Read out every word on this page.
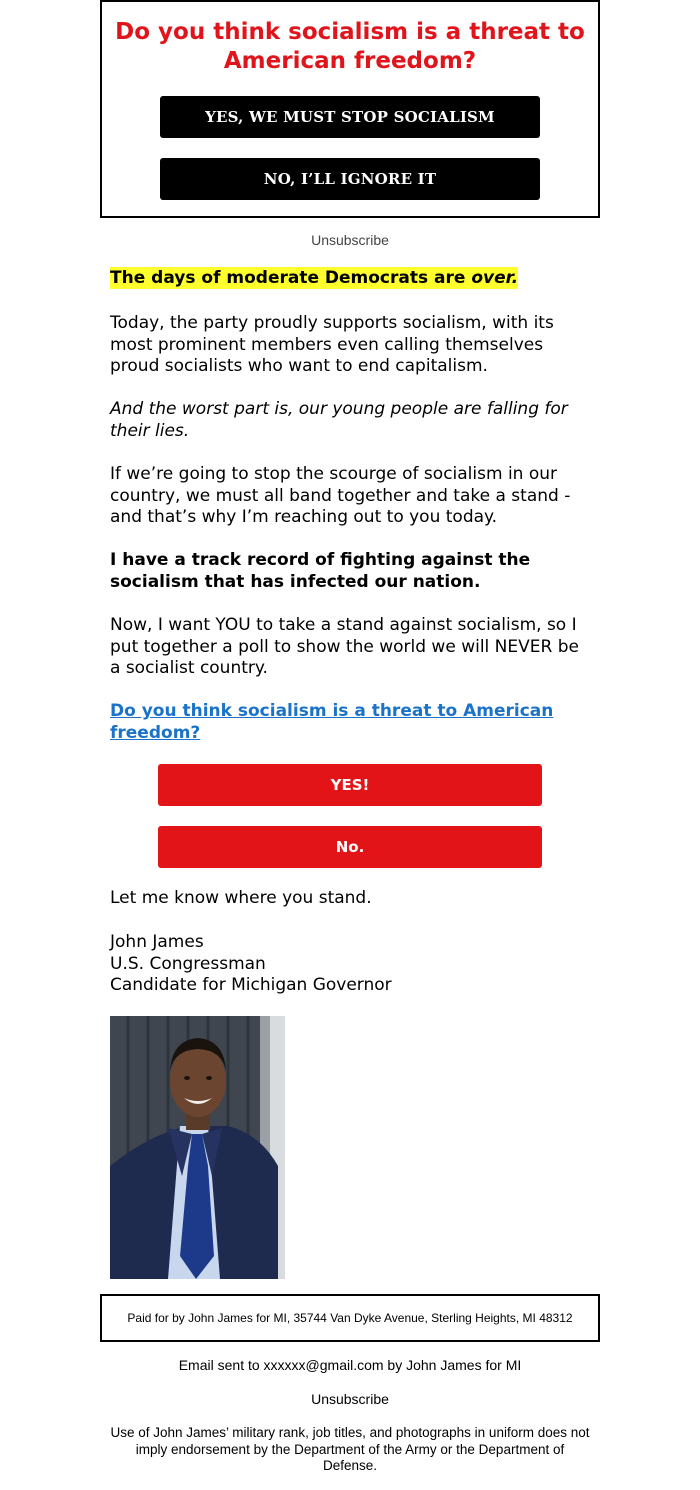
Do you think socialism is a threat to American freedom?
YES, WE MUST STOP SOCIALISM
NO, I’LL IGNORE IT
Unsubscribe
The days of moderate Democrats are over.
Today, the party proudly supports socialism, with its most prominent members even calling themselves proud socialists who want to end capitalism.
And the worst part is, our young people are falling for their lies.
If we’re going to stop the scourge of socialism in our country, we must all band together and take a stand - and that’s why I’m reaching out to you today.
I have a track record of fighting against the socialism that has infected our nation.
Now, I want YOU to take a stand against socialism, so I put together a poll to show the world we will NEVER be a socialist country.
Do you think socialism is a threat to American freedom?
YES!
No.
Let me know where you stand.
John James
U.S. Congressman
Candidate for Michigan Governor
Paid for by John James for MI, 35744 Van Dyke Avenue, Sterling Heights, MI 48312
Email sent to xxxxxx@gmail.com by John James for MI
Unsubscribe
Use of John James’ military rank, job titles, and photographs in uniform does not imply endorsement by the Department of the Army or the Department of Defense.
